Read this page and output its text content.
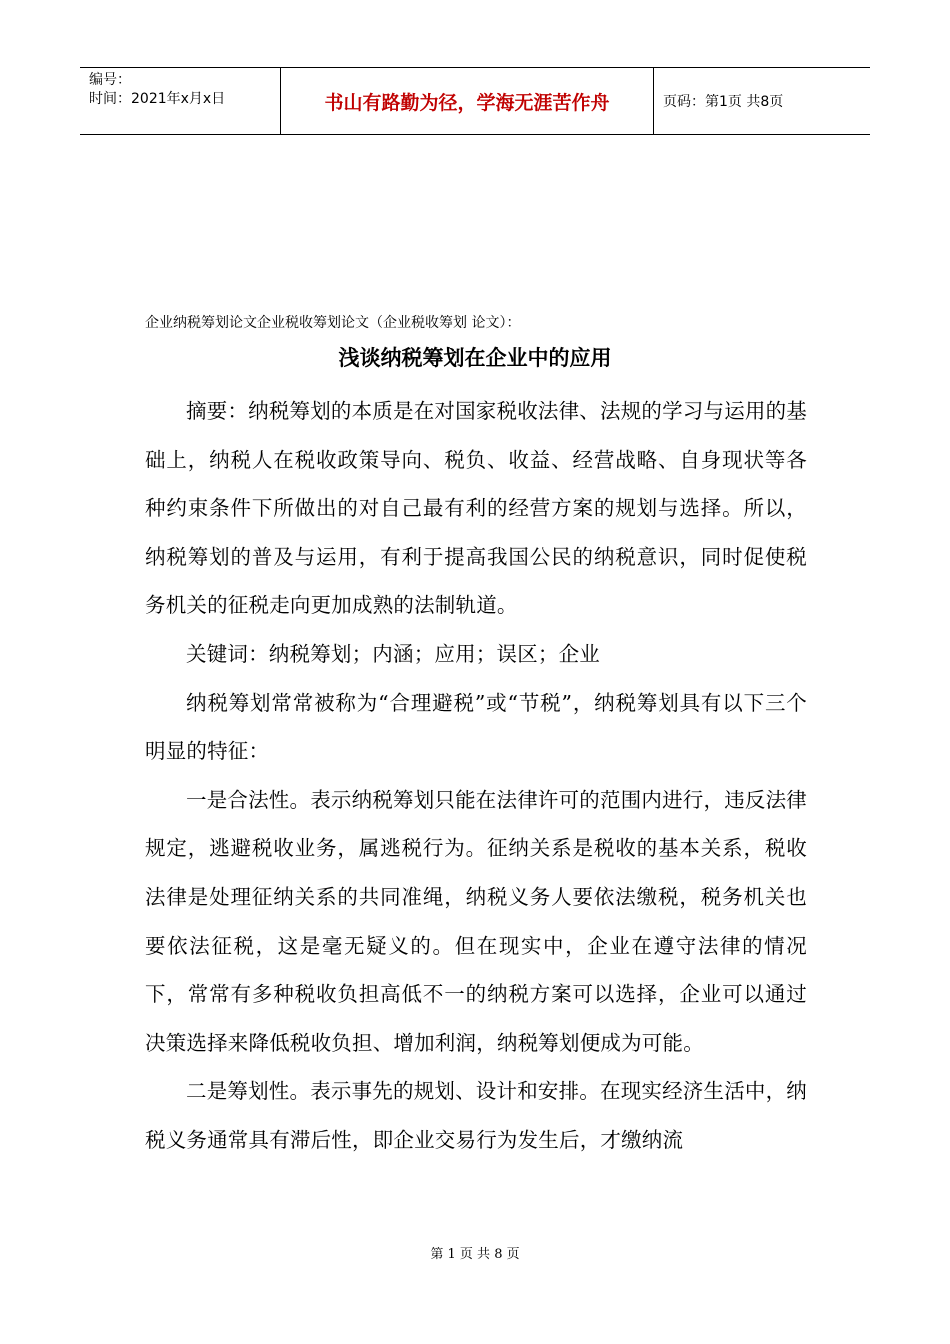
编号：
时间：2021年x月x日	书山有路勤为径，学海无涯苦作舟	页码：第1页 共8页
企业纳税筹划论文企业税收筹划论文（企业税收筹划 论文）：
浅谈纳税筹划在企业中的应用

摘要：纳税筹划的本质是在对国家税收法律、法规的学习与运用的基础上，纳税人在税收政策导向、税负、收益、经营战略、自身现状等各种约束条件下所做出的对自己最有利的经营方案的规划与选择。所以，纳税筹划的普及与运用，有利于提高我国公民的纳税意识，同时促使税务机关的征税走向更加成熟的法制轨道。

关键词：纳税筹划；内涵；应用；误区；企业

纳税筹划常常被称为“合理避税”或“节税”，纳税筹划具有以下三个明显的特征：

一是合法性。表示纳税筹划只能在法律许可的范围内进行，违反法律规定，逃避税收业务，属逃税行为。征纳关系是税收的基本关系，税收法律是处理征纳关系的共同准绳，纳税义务人要依法缴税，税务机关也要依法征税，这是毫无疑义的。但在现实中，企业在遵守法律的情况下，常常有多种税收负担高低不一的纳税方案可以选择，企业可以通过决策选择来降低税收负担、增加利润，纳税筹划便成为可能。

二是筹划性。表示事先的规划、设计和安排。在现实经济生活中，纳税义务通常具有滞后性，即企业交易行为发生后，才缴纳流

第 1 页 共 8 页
